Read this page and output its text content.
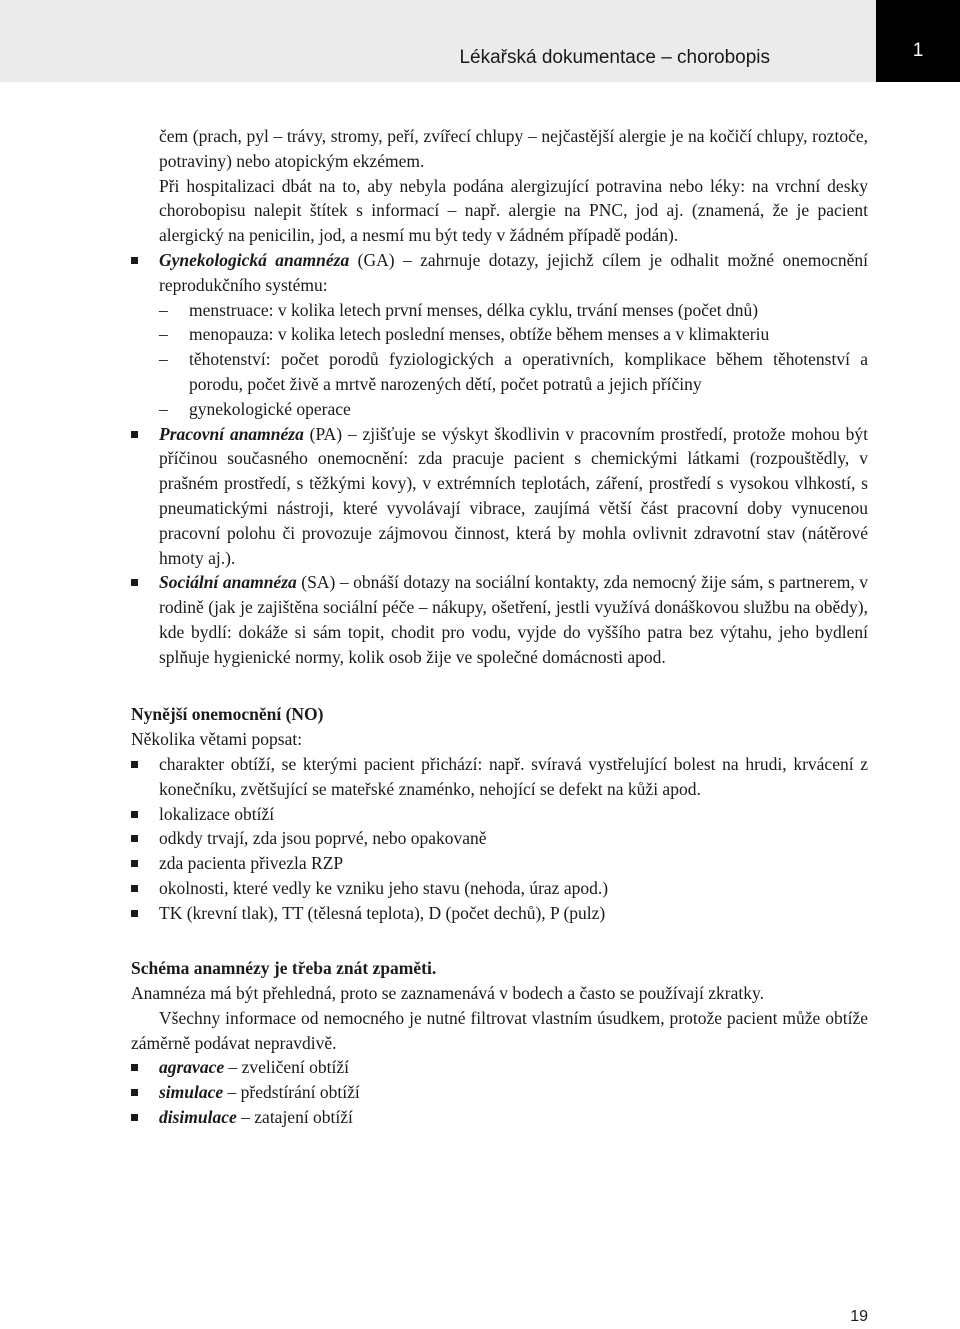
Lékařská dokumentace – chorobopis	1

čem (prach, pyl – trávy, stromy, peří, zvířecí chlupy – nejčastější alergie je na kočičí chlupy, roztoče, potraviny) nebo atopickým ekzémem.

Při hospitalizaci dbát na to, aby nebyla podána alergizující potravina nebo léky: na vrchní desky chorobopisu nalepit štítek s informací – např. alergie na PNC, jod aj. (znamená, že je pacient alergický na penicilin, jod, a nesmí mu být tedy v žádném případě podán).

Gynekologická anamnéza (GA) – zahrnuje dotazy, jejichž cílem je odhalit možné onemocnění reprodukčního systému:
– menstruace: v kolika letech první menses, délka cyklu, trvání menses (počet dnů)
– menopauza: v kolika letech poslední menses, obtíže během menses a v klimakteriu
– těhotenství: počet porodů fyziologických a operativních, komplikace během těhotenství a porodu, počet živě a mrtvě narozených dětí, počet potratů a jejich příčiny
– gynekologické operace
Pracovní anamnéza (PA) – zjišťuje se výskyt škodlivin v pracovním prostředí, protože mohou být příčinou současného onemocnění: zda pracuje pacient s chemickými látkami (rozpouštědly, v prašném prostředí, s těžkými kovy), v extrémních teplotách, záření, prostředí s vysokou vlhkostí, s pneumatickými nástroji, které vyvolávají vibrace, zaujímá větší část pracovní doby vynucenou pracovní polohu či provozuje zájmovou činnost, která by mohla ovlivnit zdravotní stav (nátěrové hmoty aj.).
Sociální anamnéza (SA) – obnáší dotazy na sociální kontakty, zda nemocný žije sám, s partnerem, v rodině (jak je zajištěna sociální péče – nákupy, ošetření, jestli využívá donáškovou službu na obědy), kde bydlí: dokáže si sám topit, chodit pro vodu, vyjde do vyššího patra bez výtahu, jeho bydlení splňuje hygienické normy, kolik osob žije ve společné domácnosti apod.

Nynější onemocnění (NO)

Několika větami popsat:

charakter obtíží, se kterými pacient přichází: např. svíravá vystřelující bolest na hrudi, krvácení z konečníku, zvětšující se mateřské znaménko, nehojící se defekt na kůži apod.
lokalizace obtíží
odkdy trvají, zda jsou poprvé, nebo opakovaně
zda pacienta přivezla RZP
okolnosti, které vedly ke vzniku jeho stavu (nehoda, úraz apod.)
TK (krevní tlak), TT (tělesná teplota), D (počet dechů), P (pulz)

Schéma anamnézy je třeba znát zpaměti.

Anamnéza má být přehledná, proto se zaznamenává v bodech a často se používají zkratky.

Všechny informace od nemocného je nutné filtrovat vlastním úsudkem, protože pacient může obtíže záměrně podávat nepravdivě.

agravace – zveličení obtíží
simulace – předstírání obtíží
disimulace – zatajení obtíží
19
